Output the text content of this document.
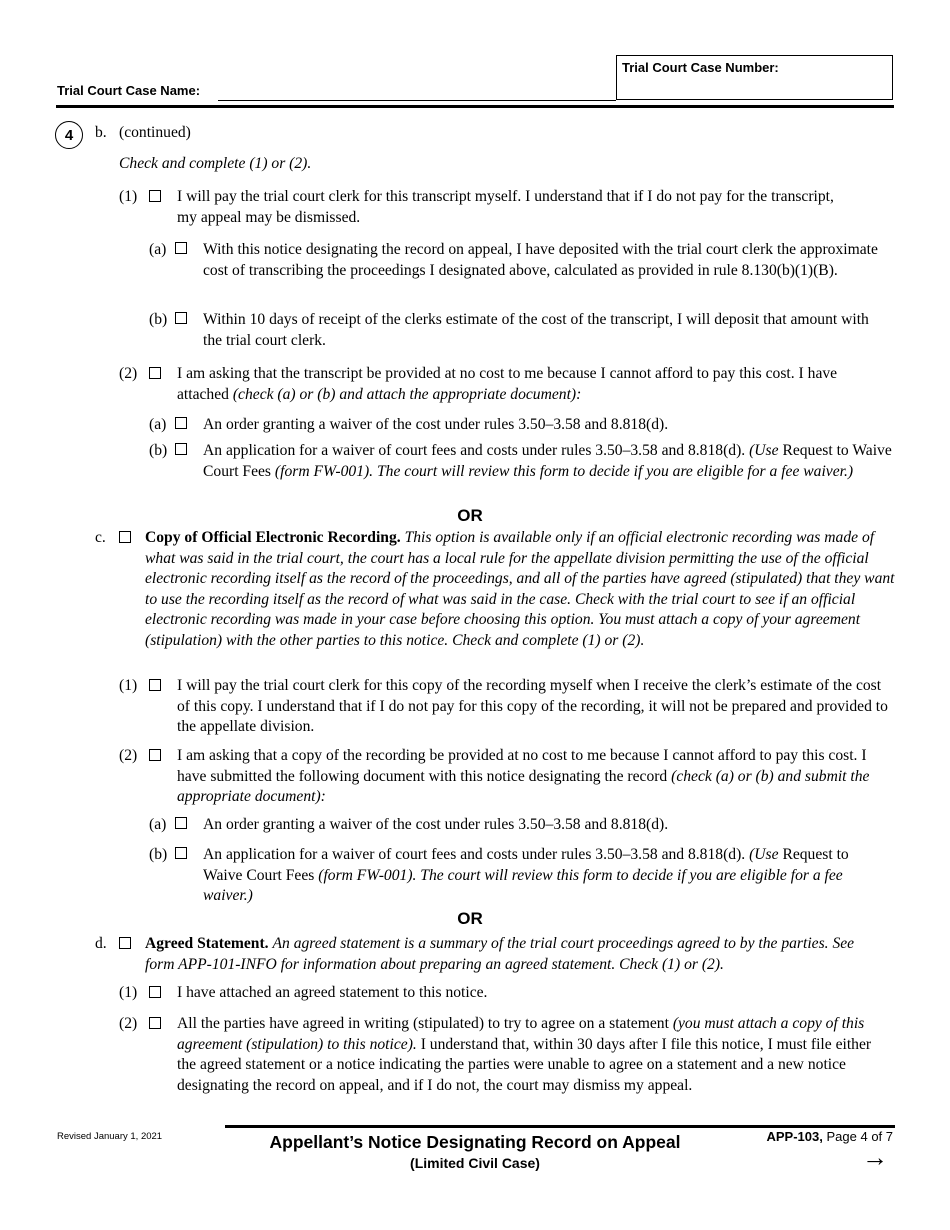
Trial Court Case Number:
Trial Court Case Name:
4 b. (continued)
Check and complete (1) or (2).
(1)	I will pay the trial court clerk for this transcript myself. I understand that if I do not pay for the transcript, my appeal may be dismissed.
(a) With this notice designating the record on appeal, I have deposited with the trial court clerk the approximate cost of transcribing the proceedings I designated above, calculated as provided in rule 8.130(b)(1)(B).
(b) Within 10 days of receipt of the clerks estimate of the cost of the transcript, I will deposit that amount with the trial court clerk.
(2)	I am asking that the transcript be provided at no cost to me because I cannot afford to pay this cost. I have attached (check (a) or (b) and attach the appropriate document):
(a) An order granting a waiver of the cost under rules 3.50–3.58 and 8.818(d).
(b) An application for a waiver of court fees and costs under rules 3.50–3.58 and 8.818(d). (Use Request to Waive Court Fees (form FW-001). The court will review this form to decide if you are eligible for a fee waiver.)
OR
c.	Copy of Official Electronic Recording. This option is available only if an official electronic recording was made of what was said in the trial court, the court has a local rule for the appellate division permitting the use of the official electronic recording itself as the record of the proceedings, and all of the parties have agreed (stipulated) that they want to use the recording itself as the record of what was said in the case. Check with the trial court to see if an official electronic recording was made in your case before choosing this option. You must attach a copy of your agreement (stipulation) with the other parties to this notice. Check and complete (1) or (2).
(1)	I will pay the trial court clerk for this copy of the recording myself when I receive the clerk’s estimate of the cost of this copy. I understand that if I do not pay for this copy of the recording, it will not be prepared and provided to the appellate division.
(2)	I am asking that a copy of the recording be provided at no cost to me because I cannot afford to pay this cost. I have submitted the following document with this notice designating the record (check (a) or (b) and submit the appropriate document):
(a) An order granting a waiver of the cost under rules 3.50–3.58 and 8.818(d).
(b) An application for a waiver of court fees and costs under rules 3.50–3.58 and 8.818(d). (Use Request to Waive Court Fees (form FW-001). The court will review this form to decide if you are eligible for a fee waiver.)
OR
d. Agreed Statement. An agreed statement is a summary of the trial court proceedings agreed to by the parties. See form APP-101-INFO for information about preparing an agreed statement. Check (1) or (2).
(1)	I have attached an agreed statement to this notice.
(2)	All the parties have agreed in writing (stipulated) to try to agree on a statement (you must attach a copy of this agreement (stipulation) to this notice). I understand that, within 30 days after I file this notice, I must file either the agreed statement or a notice indicating the parties were unable to agree on a statement and a new notice designating the record on appeal, and if I do not, the court may dismiss my appeal.
Revised January 1, 2021	Appellant’s Notice Designating Record on Appeal
(Limited Civil Case)
APP-103, Page 4 of 7
→
